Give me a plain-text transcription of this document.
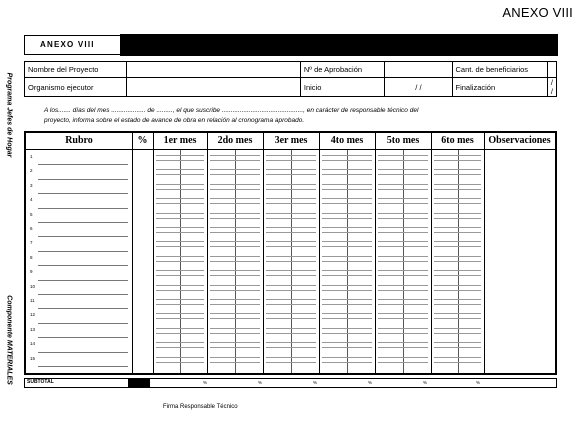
ANEXO VIII
Programa Jefes de Hogar
Componente MATERIALES
ANEXO VIII
Nombre del Proyecto		Nº de Aprobación		Cant. de beneficiarios	
Organismo ejecutor		Inicio	/ /	Finalización	/ /
A los....... días del mes ................... de ........., el que suscribe ............................................., en carácter de responsable técnico del
proyecto, informa sobre el estado de avance de obra en relación al cronograma aprobado.
Rubro	%	1er mes	2do mes	3er mes	4to mes	5to mes	6to mes	Observaciones
1
2
3
4
5
6
7
8
9
10
11
12
13
14
15
SUBTOTAL	%	%	%	%	%	%
Firma Responsable Técnico
